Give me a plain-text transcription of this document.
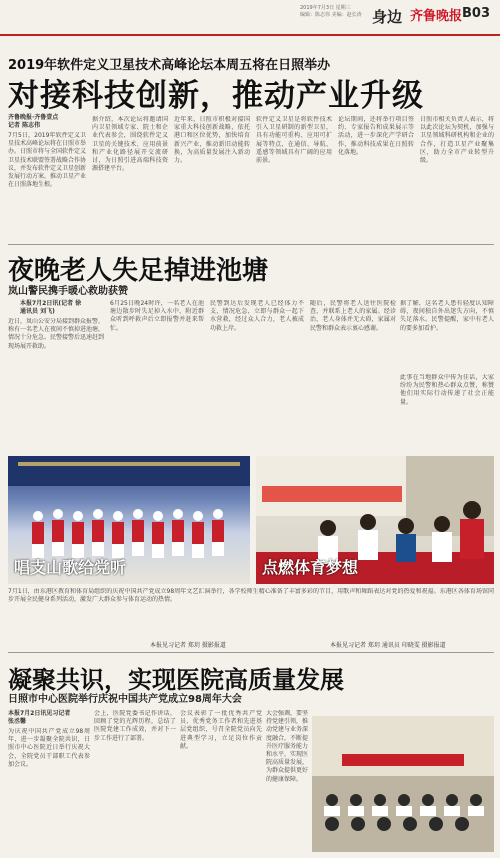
2019年7月3日 星期三
编辑：陈志伟 美编：赵长涛 身边 齐鲁晚报 B03
2019年软件定义卫星技术高峰论坛本周五将在日照举办
对接科技创新，推动产业升级
齐鲁晚报·齐鲁壹点
记者 陈志伟
7月5日，2019年软件定义卫星技术高峰论坛将在日照市举办。日照市将与全国软件定义卫星技术联盟签署战略合作协议，并发布软件定义卫星创新发展行动方案，推动卫星产业在日照落地生根。
据介绍，本次论坛将邀请国内卫星领域专家、院士和企业代表参会，围绕软件定义卫星的关键技术、应用前景和产业化路径展开交流研讨，为日照引进高端科技资源搭建平台。
近年来，日照市积极对接国家重大科技创新战略，依托港口和区位优势，加快培育新兴产业，推动新旧动能转换，为高质量发展注入新动力。
软件定义卫星是将软件技术引入卫星研制的新型卫星，具有功能可重构、应用可扩展等特点，在通信、导航、遥感等领域具有广阔的应用前景。
论坛期间，还将举行项目签约、专家报告和成果展示等活动，进一步深化产学研合作，推动科技成果在日照转化落地。
日照市相关负责人表示，将以此次论坛为契机，加强与卫星领域科研机构和企业的合作，打造卫星产业聚集区，助力全市产业转型升级。
夜晚老人失足掉进池塘
岚山警民携手暖心救助获赞
本报7月2日讯(记者 徐
通讯员 刘飞)
近日，岚山公安分局接到群众报警，称有一名老人在夜间不慎掉进池塘，情况十分危急。民警接警后迅速赶到现场展开救助。
6月25日晚24时许，一名老人在池塘边散步时失足掉入水中，附近群众听到呼救声后立即报警并赶来帮忙。
民警到达后发现老人已经体力不支，情况危急，立即与群众一起下水营救，经过众人合力，老人被成功救上岸。
随后，民警将老人送往医院检查，并联系上老人的家属。经诊治，老人身体并无大碍，家属对民警和群众表示衷心感谢。
据了解，这名老人患有轻度认知障碍，夜间独自外出迷失方向，不慎失足落水。民警提醒，家中有老人的要多加看护。
此事在当地群众中传为佳话，大家纷纷为民警和热心群众点赞，称赞他们用实际行动传递了社会正能量。
唱支山歌给党听	点燃体育梦想
7月1日，由东港区教育和体育局组织的庆祝中国共产党成立98周年文艺汇演举行，各学校师生精心准备了丰富多彩的节目，用歌声和舞蹈表达对党的热爱和祝福。东港区各体育场馆同步开展全民健身系列活动，激发广大群众参与体育运动的热情。
本报见习记者 郑玥 摄影报道	本报见习记者 郑玥 通讯员 印晓雯 摄影报道
凝聚共识，实现医院高质量发展
日照市中心医院举行庆祝中国共产党成立98周年大会
本报7月2日讯见习记者
张丞馨
为庆祝中国共产党成立98周年，进一步凝聚全院共识，日照市中心医院近日举行庆祝大会，全院党员干部职工代表参加会议。
会上，医院党委书记作讲话，回顾了党的光辉历程，总结了医院党建工作成效，并对下一步工作进行了部署。
会议表彰了一批优秀共产党员、优秀党务工作者和先进基层党组织，号召全院党员向先进典型学习，立足岗位作贡献。
大会强调，要坚持党建引领，推动党建与业务深度融合，不断提升医疗服务能力和水平，实现医院高质量发展，为群众提供更好的健康保障。
